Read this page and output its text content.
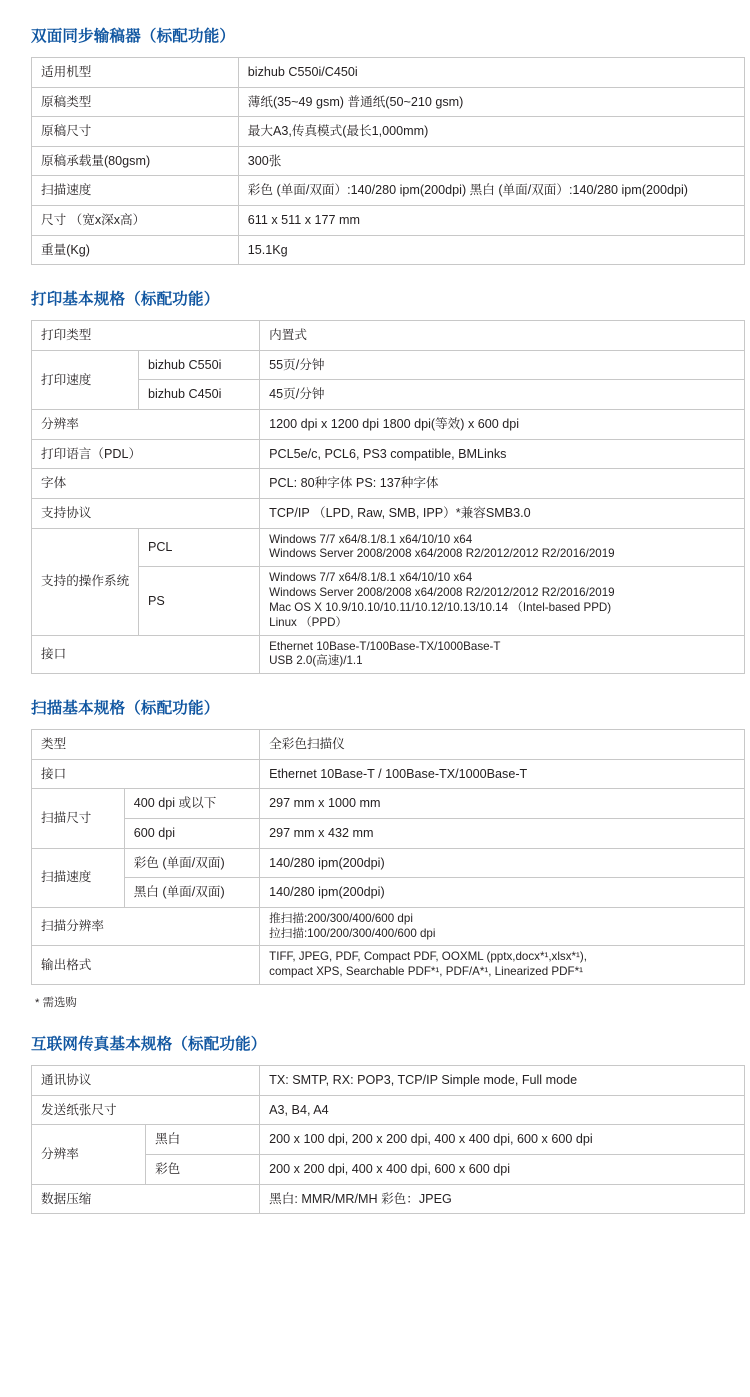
双面同步输稿器（标配功能）
适用机型	bizhub C550i/C450i
原稿类型	薄纸(35~49 gsm) 普通纸(50~210 gsm)
原稿尺寸	最大A3,传真模式(最长1,000mm)
原稿承载量(80gsm)	300张
扫描速度	彩色 (单面/双面）:140/280 ipm(200dpi) 黑白 (单面/双面）:140/280 ipm(200dpi)
尺寸 （宽x深x高）	611 x 511 x 177 mm
重量(Kg)	15.1Kg
打印基本规格（标配功能）
打印类型		内置式
打印速度	bizhub C550i	55页/分钟
	bizhub C450i	45页/分钟
分辨率		1200 dpi x 1200 dpi 1800 dpi(等效) x 600 dpi
打印语言（PDL）		PCL5e/c, PCL6, PS3 compatible, BMLinks
字体		PCL: 80种字体 PS: 137种字体
支持协议		TCP/IP （LPD, Raw, SMB, IPP）*兼容SMB3.0
支持的操作系统	PCL	Windows 7/7 x64/8.1/8.1 x64/10/10 x64
Windows Server 2008/2008 x64/2008 R2/2012/2012 R2/2016/2019
	PS	Windows 7/7 x64/8.1/8.1 x64/10/10 x64
Windows Server 2008/2008 x64/2008 R2/2012/2012 R2/2016/2019
Mac OS X 10.9/10.10/10.11/10.12/10.13/10.14 （Intel-based PPD)
Linux （PPD）
接口		Ethernet 10Base-T/100Base-TX/1000Base-T
USB 2.0(高速)/1.1
扫描基本规格（标配功能）
类型		全彩色扫描仪
接口		Ethernet 10Base-T / 100Base-TX/1000Base-T
扫描尺寸	400 dpi 或以下	297 mm x 1000 mm
	600 dpi	297 mm x 432 mm
扫描速度	彩色 (单面/双面)	140/280 ipm(200dpi)
	黑白 (单面/双面)	140/280 ipm(200dpi)
扫描分辨率		推扫描:200/300/400/600 dpi
拉扫描:100/200/300/400/600 dpi
输出格式		TIFF, JPEG, PDF, Compact PDF, OOXML (pptx,docx*¹,xlsx*¹),
compact XPS, Searchable PDF*¹, PDF/A*¹, Linearized PDF*¹

* 需选购

互联网传真基本规格（标配功能）
通讯协议		TX: SMTP, RX: POP3, TCP/IP Simple mode, Full mode
发送纸张尺寸		A3, B4, A4
分辨率	黑白	200 x 100 dpi, 200 x 200 dpi, 400 x 400 dpi, 600 x 600 dpi
	彩色	200 x 200 dpi, 400 x 400 dpi, 600 x 600 dpi
数据压缩		黑白: MMR/MR/MH 彩色：JPEG
